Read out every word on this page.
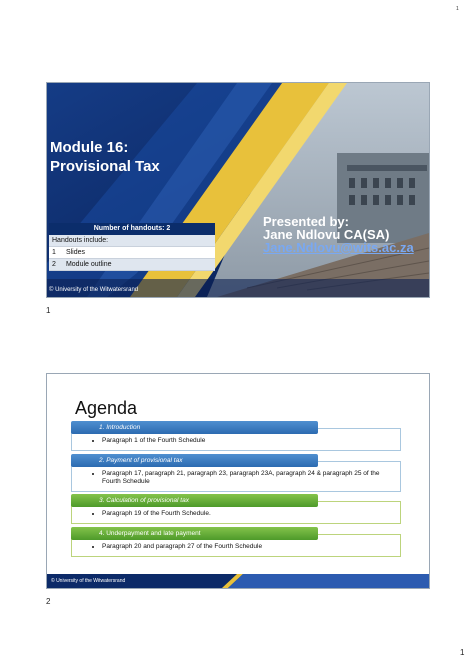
1
Module 16:
Provisional Tax
Number of handouts: 2
Handouts include:
1 Slides
2 Module outline
Presented by:
Jane Ndlovu CA(SA)
Jane.Ndlovu@wits.ac.za
© University of the Witwatersrand
1
Agenda
• Paragraph 1 of the Fourth Schedule
1. Introduction
• Paragraph 17, paragraph 21, paragraph 23, paragraph 23A, paragraph 24 & paragraph 25 of the Fourth Schedule
2. Payment of provisional tax
• Paragraph 19 of the Fourth Schedule.
3. Calculation of provisional tax
• Paragraph 20 and paragraph 27 of the Fourth Schedule
4. Underpayment and late payment
© University of the Witwatersrand
2
1
